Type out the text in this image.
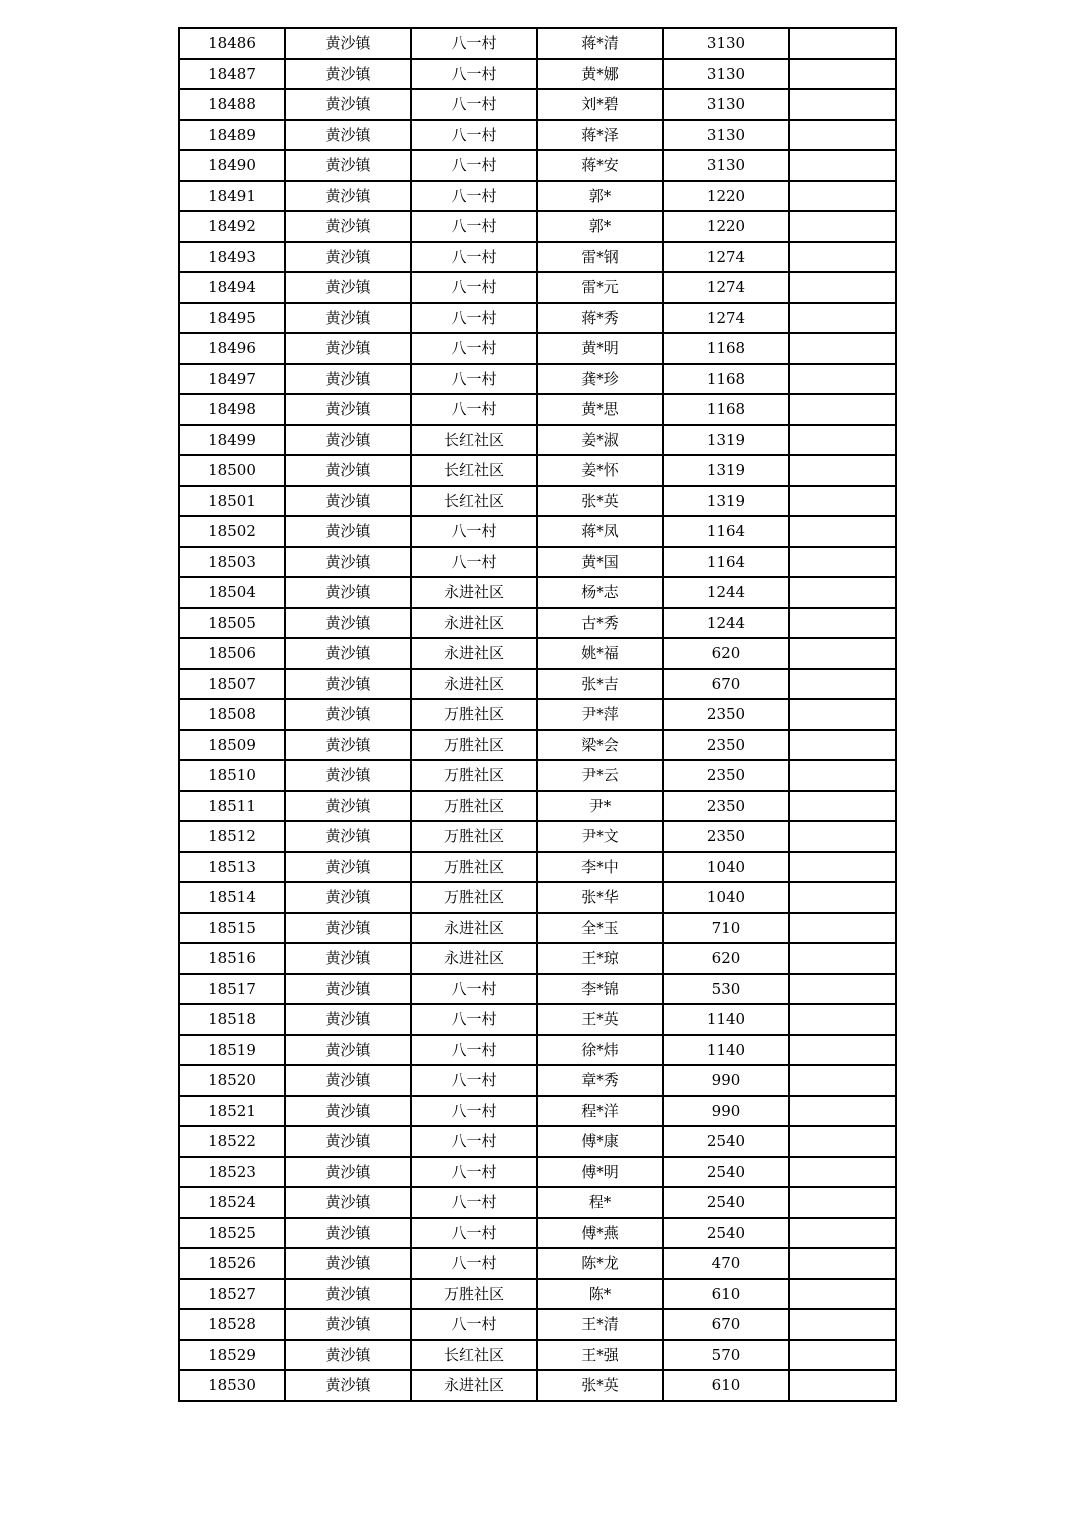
18486	黄沙镇	八一村	蒋*清	3130	
18487	黄沙镇	八一村	黄*娜	3130	
18488	黄沙镇	八一村	刘*碧	3130	
18489	黄沙镇	八一村	蒋*泽	3130	
18490	黄沙镇	八一村	蒋*安	3130	
18491	黄沙镇	八一村	郭*	1220	
18492	黄沙镇	八一村	郭*	1220	
18493	黄沙镇	八一村	雷*钢	1274	
18494	黄沙镇	八一村	雷*元	1274	
18495	黄沙镇	八一村	蒋*秀	1274	
18496	黄沙镇	八一村	黄*明	1168	
18497	黄沙镇	八一村	龚*珍	1168	
18498	黄沙镇	八一村	黄*思	1168	
18499	黄沙镇	长红社区	姜*淑	1319	
18500	黄沙镇	长红社区	姜*怀	1319	
18501	黄沙镇	长红社区	张*英	1319	
18502	黄沙镇	八一村	蒋*凤	1164	
18503	黄沙镇	八一村	黄*国	1164	
18504	黄沙镇	永进社区	杨*志	1244	
18505	黄沙镇	永进社区	古*秀	1244	
18506	黄沙镇	永进社区	姚*福	620	
18507	黄沙镇	永进社区	张*吉	670	
18508	黄沙镇	万胜社区	尹*萍	2350	
18509	黄沙镇	万胜社区	梁*会	2350	
18510	黄沙镇	万胜社区	尹*云	2350	
18511	黄沙镇	万胜社区	尹*	2350	
18512	黄沙镇	万胜社区	尹*文	2350	
18513	黄沙镇	万胜社区	李*中	1040	
18514	黄沙镇	万胜社区	张*华	1040	
18515	黄沙镇	永进社区	全*玉	710	
18516	黄沙镇	永进社区	王*琼	620	
18517	黄沙镇	八一村	李*锦	530	
18518	黄沙镇	八一村	王*英	1140	
18519	黄沙镇	八一村	徐*炜	1140	
18520	黄沙镇	八一村	章*秀	990	
18521	黄沙镇	八一村	程*洋	990	
18522	黄沙镇	八一村	傅*康	2540	
18523	黄沙镇	八一村	傅*明	2540	
18524	黄沙镇	八一村	程*	2540	
18525	黄沙镇	八一村	傅*燕	2540	
18526	黄沙镇	八一村	陈*龙	470	
18527	黄沙镇	万胜社区	陈*	610	
18528	黄沙镇	八一村	王*清	670	
18529	黄沙镇	长红社区	王*强	570	
18530	黄沙镇	永进社区	张*英	610	
